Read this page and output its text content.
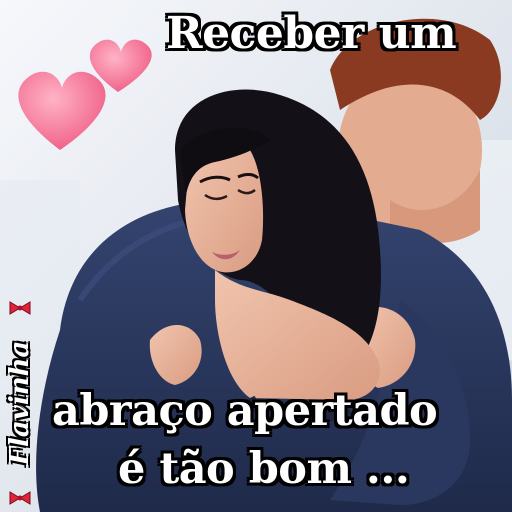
Receber um
abraço apertado
é tão bom ...
Flavinha
